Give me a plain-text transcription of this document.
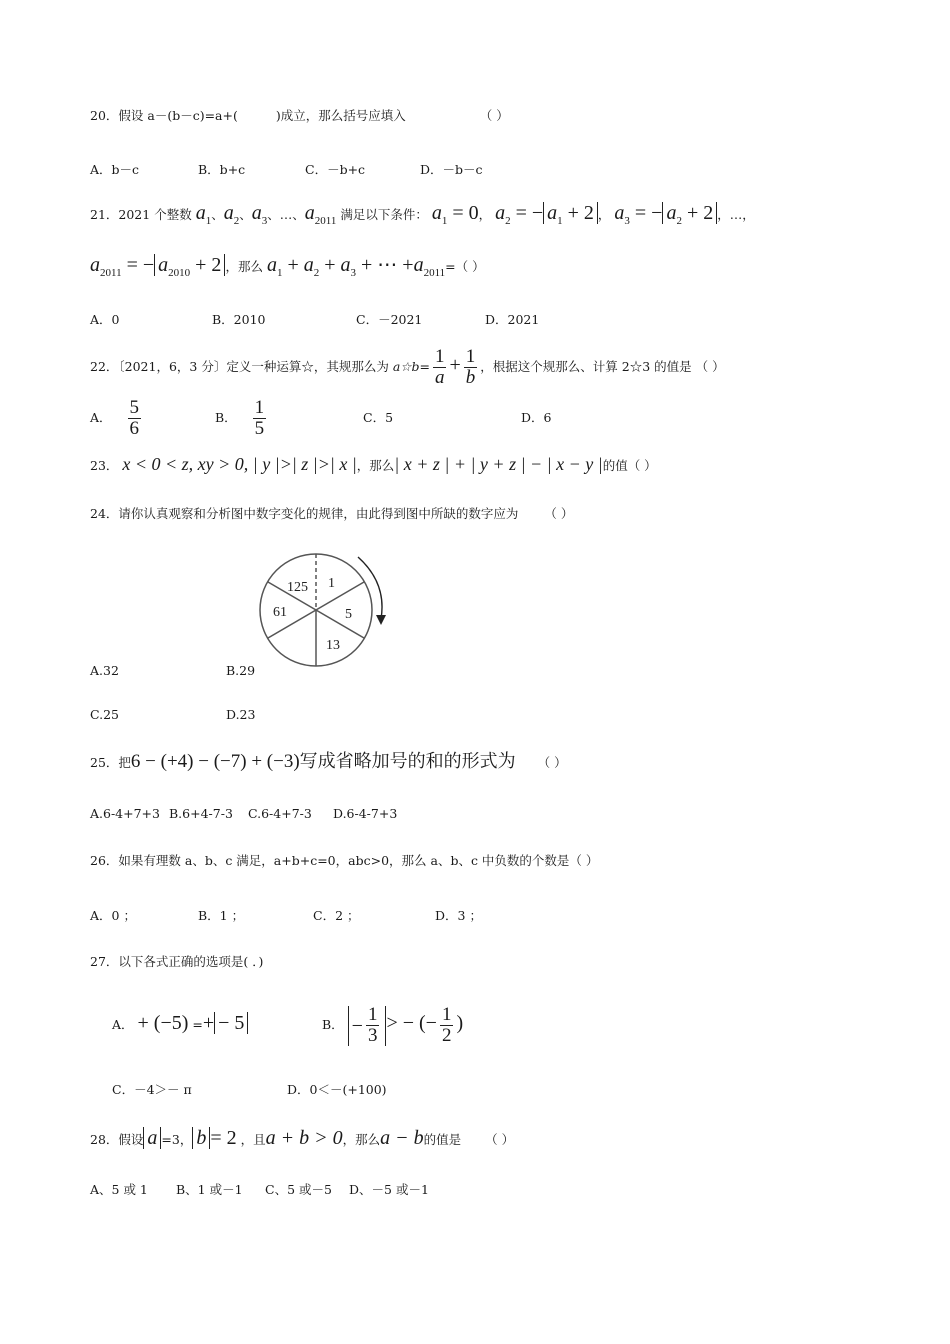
20．假设 a－(b－c)=a+(	)成立，那么括号应填入	（ ）
A．b－c	B．b+c	C．－b+c	D．－b－c
21．2021 个整数 $a_1$、$a_2$、$a_3$、…、$a_{2011}$ 满足以下条件： $a_1 = 0$， $a_2$ = − $a_1 + 2$ ， $a_3$ = − $a_2 + 2$ ，…，
$a_{2011}$ = − $a_{2010} + 2$ ，那么 $a_1 + a_2 + a_3$ + ⋯ $+a_{2011}=$（ ）
A．0	B．2010	C．－2021	D．2021
22．〔2021，6，3 分〕定义一种运算☆，其规那么为 a☆b= $\frac{1}{a} + \frac{1}{b}$ ，根据这个规那么、计算 2☆3 的值是 （ ）
A． $\frac{5}{6}$	B． $\frac{1}{5}$	C．5	D．6
23． x < 0 < z, xy > 0, | y |>| z |>| x |，那么| x + z | + | y + z | − | x − y |的值（ ）
24．请你认真观察和分析图中数字变化的规律，由此得到图中所缺的数字应为 （ ）
125 1
5
13
61
A.32	B.29
C.25	D.23
25．把6 − (+4) − (−7) + (−3)写成省略加号的和的形式为 （ ）
A.6-4+7+3 B.6+4-7-3 C.6-4+7-3 D.6-4-7+3
26．如果有理数 a、b、c 满足，a+b+c=0，abc>0，那么 a、b、c 中负数的个数是（ ）
A．0 ；	B．1 ；	C．2 ；	D．3 ；
27．以下各式正确的选项是( ．)
A． + (−5) =+ − 5	B． − $\frac{1}{3}$ > − (− $\frac{1}{2}$ )
C．－4＞－ π	D．0＜－(+100)
28．假设 a =3， b = 2 ，且a + b > 0，那么a − b的值是 （ ）
A、5 或 1 B、1 或－1 C、5 或－5 D、－5 或－1
